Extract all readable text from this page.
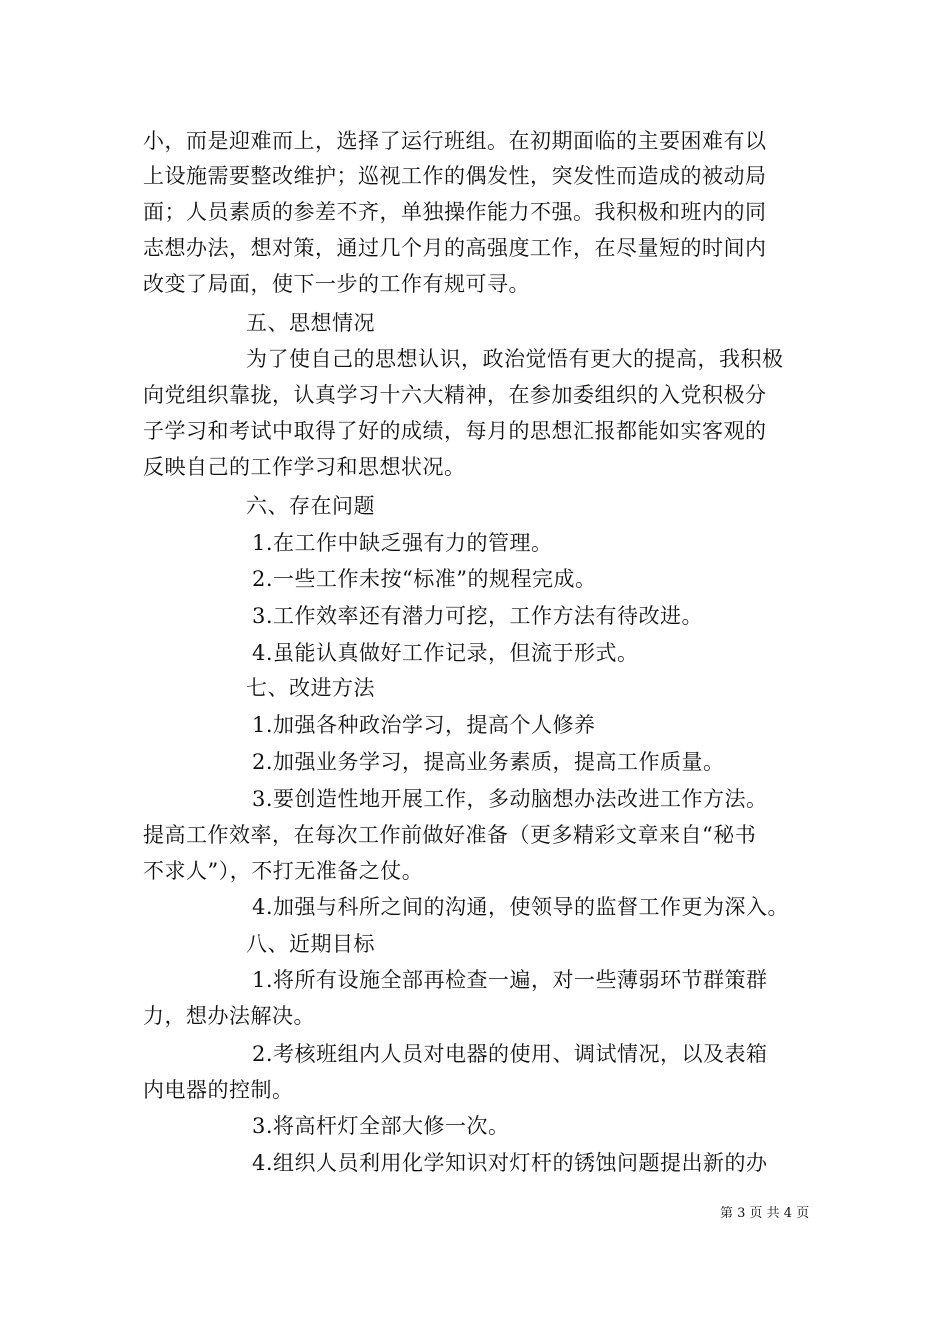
小，而是迎难而上，选择了运行班组。在初期面临的主要困难有以
上设施需要整改维护；巡视工作的偶发性，突发性而造成的被动局
面；人员素质的参差不齐，单独操作能力不强。我积极和班内的同
志想办法，想对策，通过几个月的高强度工作，在尽量短的时间内
改变了局面，使下一步的工作有规可寻。
五、思想情况
为了使自己的思想认识，政治觉悟有更大的提高，我积极
向党组织靠拢，认真学习十六大精神，在参加委组织的入党积极分
子学习和考试中取得了好的成绩，每月的思想汇报都能如实客观的
反映自己的工作学习和思想状况。
六、存在问题
1.在工作中缺乏强有力的管理。
2.一些工作未按“标准”的规程完成。
3.工作效率还有潜力可挖，工作方法有待改进。
4.虽能认真做好工作记录，但流于形式。
七、改进方法
1.加强各种政治学习，提高个人修养
2.加强业务学习，提高业务素质，提高工作质量。
3.要创造性地开展工作，多动脑想办法改进工作方法。
提高工作效率，在每次工作前做好准备（更多精彩文章来自“秘书
不求人”），不打无准备之仗。
4.加强与科所之间的沟通，使领导的监督工作更为深入。
八、近期目标
1.将所有设施全部再检查一遍，对一些薄弱环节群策群
力，想办法解决。
2.考核班组内人员对电器的使用、调试情况，以及表箱
内电器的控制。
3.将高杆灯全部大修一次。
4.组织人员利用化学知识对灯杆的锈蚀问题提出新的办
第 3 页 共 4 页
